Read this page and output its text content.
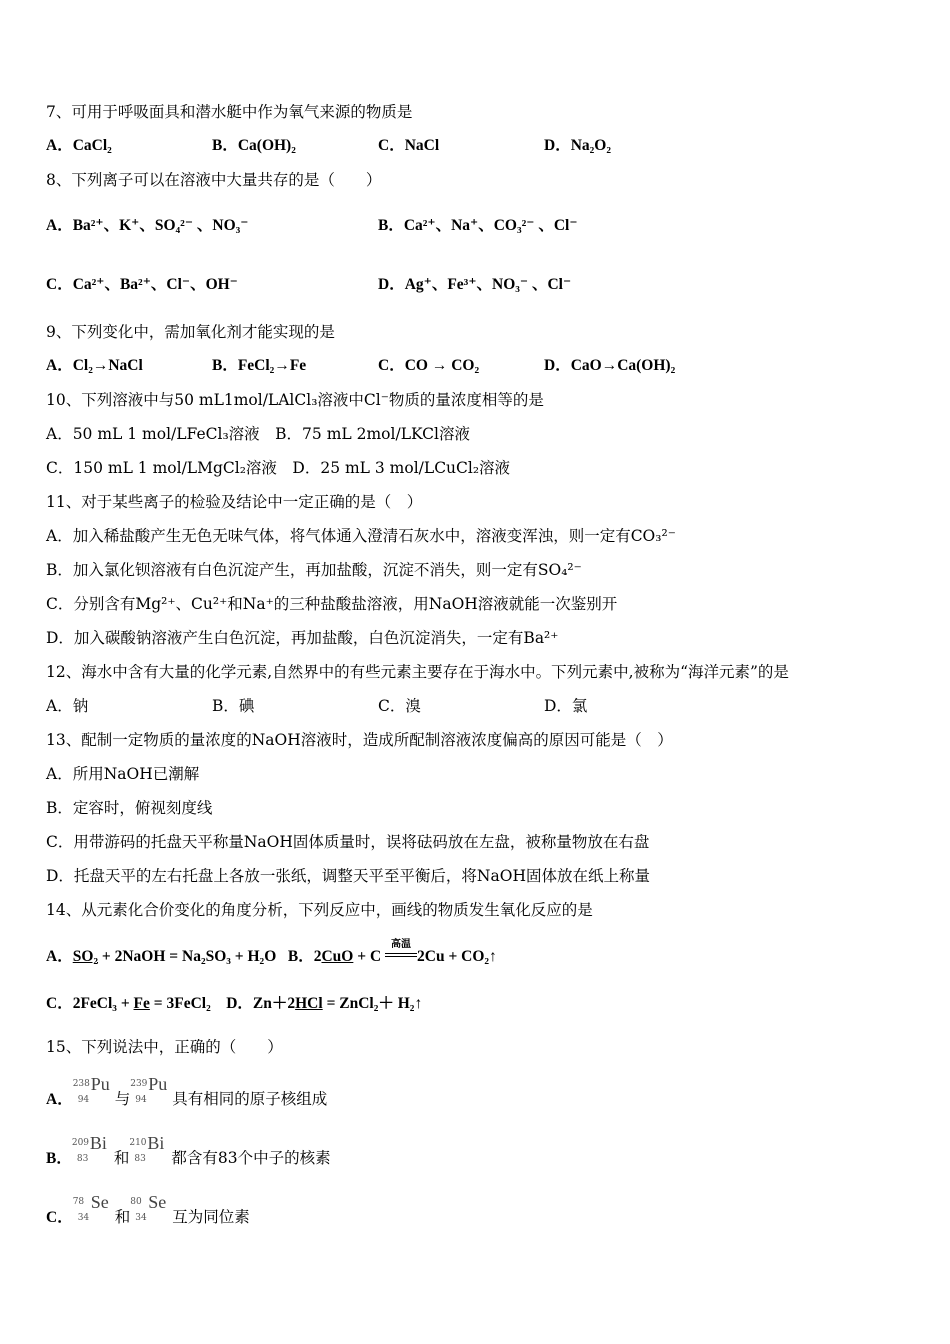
7、可用于呼吸面具和潜水艇中作为氧气来源的物质是
A．CaCl₂	B．Ca(OH)₂	C．NaCl	D．Na₂O₂
8、下列离子可以在溶液中大量共存的是（　　）
A．Ba²⁺、K⁺、SO₄²⁻ 、NO₃⁻	B．Ca²⁺、Na⁺、CO₃²⁻ 、Cl⁻
C．Ca²⁺、Ba²⁺、Cl⁻、OH⁻	D．Ag⁺、Fe³⁺、NO₃⁻ 、Cl⁻
9、下列变化中，需加氧化剂才能实现的是
A．Cl₂→NaCl	B．FeCl₂→Fe	C．CO → CO₂	D．CaO→Ca(OH)₂
10、下列溶液中与50 mL1mol/LAlCl₃溶液中Cl⁻物质的量浓度相等的是
A．50 mL 1 mol/LFeCl₃溶液　B．75 mL 2mol/LKCl溶液
C．150 mL 1 mol/LMgCl₂溶液　D．25 mL 3 mol/LCuCl₂溶液
11、对于某些离子的检验及结论中一定正确的是（　）
A．加入稀盐酸产生无色无味气体，将气体通入澄清石灰水中，溶液变浑浊，则一定有CO₃²⁻
B．加入氯化钡溶液有白色沉淀产生，再加盐酸，沉淀不消失，则一定有SO₄²⁻
C．分别含有Mg²⁺、Cu²⁺和Na⁺的三种盐酸盐溶液，用NaOH溶液就能一次鉴别开
D．加入碳酸钠溶液产生白色沉淀，再加盐酸，白色沉淀消失，一定有Ba²⁺
12、海水中含有大量的化学元素,自然界中的有些元素主要存在于海水中。下列元素中,被称为“海洋元素”的是
A．钠	B．碘	C．溴	D．氯
13、配制一定物质的量浓度的NaOH溶液时，造成所配制溶液浓度偏高的原因可能是（　）
A．所用NaOH已潮解
B．定容时，俯视刻度线
C．用带游码的托盘天平称量NaOH固体质量时，误将砝码放在左盘，被称量物放在右盘
D．托盘天平的左右托盘上各放一张纸，调整天平至平衡后，将NaOH固体放在纸上称量
14、从元素化合价变化的角度分析，下列反应中，画线的物质发生氧化反应的是
A．SO₂ + 2NaOH = Na₂SO₃ + H₂O B．2CuO + C
高温
2Cu + CO₂↑
C．2FeCl₃ + Fe = 3FeCl₂ D．Zn＋2HCl = ZnCl₂＋ H₂↑
15、下列说法中，正确的（　　）
A．
238
94
Pu
与
239
94
Pu
具有相同的原子核组成
B．
209
83
Bi
和
210
83
Bi
都含有83个中子的核素
C．
78
34
Se
和
80
34
Se
互为同位素
